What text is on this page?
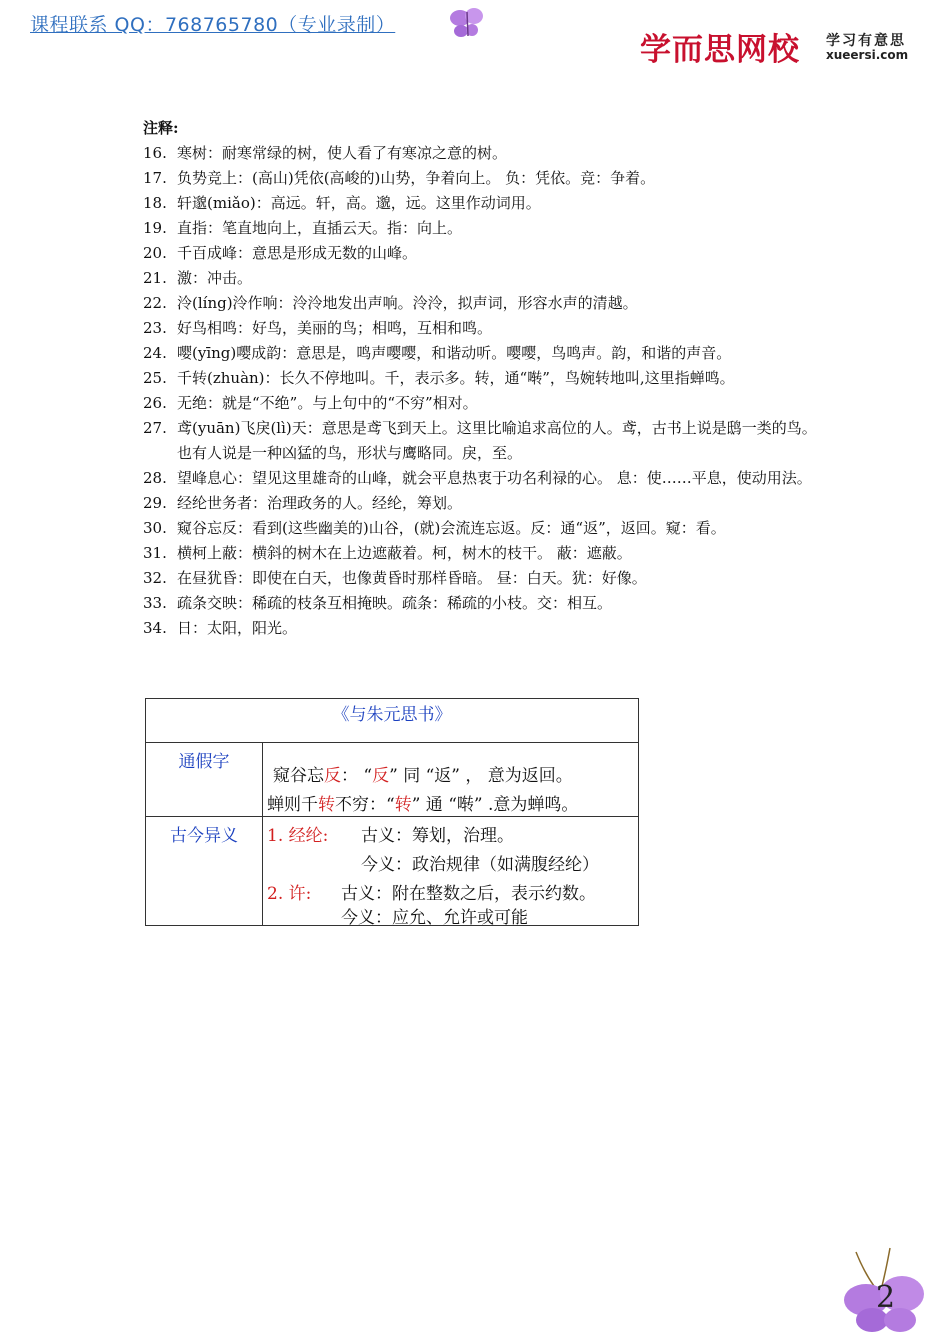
课程联系 QQ：768765780（专业录制）
学而思网校 学习有意思
xueersi.com
注释:
16. 寒树：耐寒常绿的树，使人看了有寒凉之意的树。
17. 负势竞上：(高山)凭依(高峻的)山势，争着向上。 负：凭依。竞：争着。
18. 轩邈(miǎo)：高远。轩，高。邈，远。这里作动词用。
19. 直指：笔直地向上，直插云天。指：向上。
20. 千百成峰：意思是形成无数的山峰。
21. 激：冲击。
22. 泠(líng)泠作响：泠泠地发出声响。泠泠，拟声词，形容水声的清越。
23. 好鸟相鸣：好鸟，美丽的鸟；相鸣，互相和鸣。
24. 嘤(yīng)嘤成韵：意思是，鸣声嘤嘤，和谐动听。嘤嘤，鸟鸣声。韵，和谐的声音。
25. 千转(zhuàn)：长久不停地叫。千，表示多。转，通“啭”，鸟婉转地叫,这里指蝉鸣。
26. 无绝：就是“不绝”。与上句中的“不穷”相对。
27. 鸢(yuān)飞戾(lì)天：意思是鸢飞到天上。这里比喻追求高位的人。鸢，古书上说是鸱一类的鸟。也有人说是一种凶猛的鸟，形状与鹰略同。戾，至。
28. 望峰息心：望见这里雄奇的山峰，就会平息热衷于功名利禄的心。 息：使……平息，使动用法。
29. 经纶世务者：治理政务的人。经纶，筹划。
30. 窥谷忘反：看到(这些幽美的)山谷，(就)会流连忘返。反：通“返”，返回。窥：看。
31. 横柯上蔽：横斜的树木在上边遮蔽着。柯，树木的枝干。 蔽：遮蔽。
32. 在昼犹昏：即使在白天，也像黄昏时那样昏暗。 昼：白天。犹：好像。
33. 疏条交映：稀疏的枝条互相掩映。疏条：稀疏的小枝。交：相互。
34. 日：太阳，阳光。
《与朱元思书》
通假字
窥谷忘反： “反” 同 “返” ， 意为返回。
蝉则千转不穷：“转” 通 “啭” .意为蝉鸣。
古今异义	1. 经纶: 古义：筹划，治理。
今义：政治规律（如满腹经纶）
2. 许: 古义：附在整数之后，表示约数。
今义：应允、允许或可能
2
